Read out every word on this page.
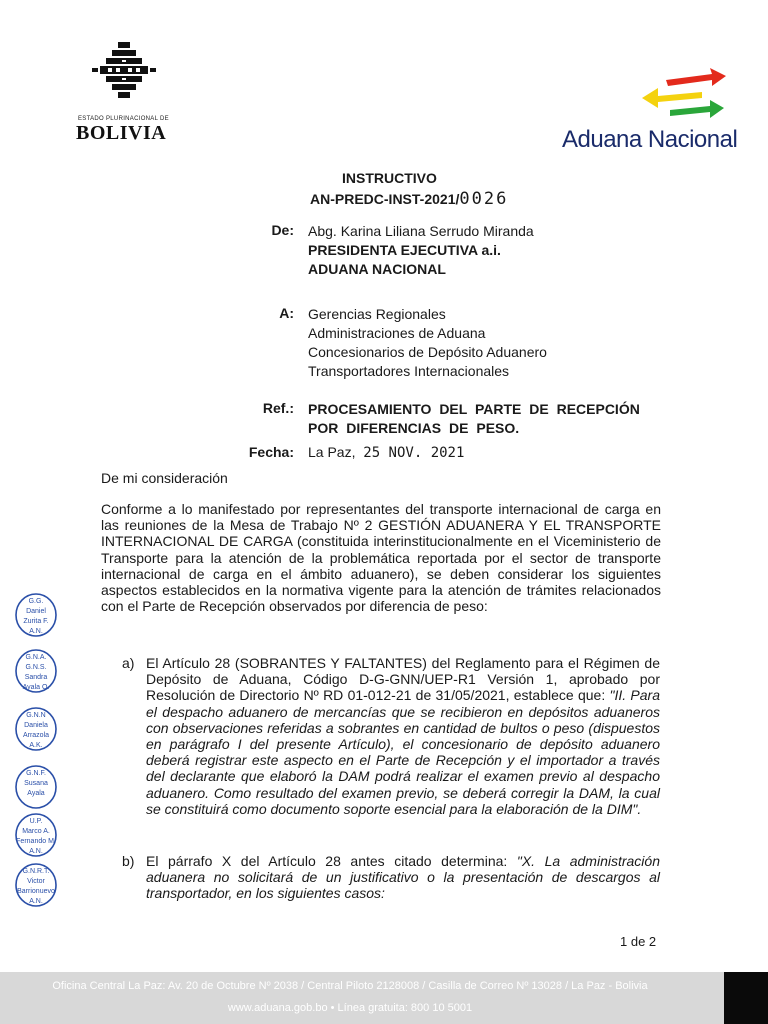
ESTADO PLURINACIONAL DE
BOLIVIA	Aduana Nacional
INSTRUCTIVO
AN-PREDC-INST-2021/0026
De: Abg. Karina Liliana Serrudo Miranda
PRESIDENTA EJECUTIVA a.i.
ADUANA NACIONAL
A: Gerencias Regionales
Administraciones de Aduana
Concesionarios de Depósito Aduanero
Transportadores Internacionales
Ref.: PROCESAMIENTO DEL PARTE DE RECEPCIÓN
POR DIFERENCIAS DE PESO.
Fecha: La Paz, 25 NOV. 2021
De mi consideración
Conforme a lo manifestado por representantes del transporte internacional de carga en las reuniones de la Mesa de Trabajo Nº 2 GESTIÓN ADUANERA Y EL TRANSPORTE INTERNACIONAL DE CARGA (constituida interinstitucionalmente en el Viceministerio de Transporte para la atención de la problemática reportada por el sector de transporte internacional de carga en el ámbito aduanero), se deben considerar los siguientes aspectos establecidos en la normativa vigente para la atención de trámites relacionados con el Parte de Recepción observados por diferencia de peso:
a) El Artículo 28 (SOBRANTES Y FALTANTES) del Reglamento para el Régimen de Depósito de Aduana, Código D-G-GNN/UEP-R1 Versión 1, aprobado por Resolución de Directorio Nº RD 01-012-21 de 31/05/2021, establece que: "II. Para el despacho aduanero de mercancías que se recibieron en depósitos aduaneros con observaciones referidas a sobrantes en cantidad de bultos o peso (dispuestos en parágrafo I del presente Artículo), el concesionario de depósito aduanero deberá registrar este aspecto en el Parte de Recepción y el importador a través del declarante que elaboró la DAM podrá realizar el examen previo al despacho aduanero. Como resultado del examen previo, se deberá corregir la DAM, la cual se constituirá como documento soporte esencial para la elaboración de la DIM".
b) El párrafo X del Artículo 28 antes citado determina: "X. La administración aduanera no solicitará de un justificativo o la presentación de descargos al transportador, en los siguientes casos:
G.G.
Daniel
Zurita F.
A.N.
G.N.A.
G.N.S.
Sandra
Ayala O.
G.N.N
Daniela
Arrazola
A.K.
G.N.F.
Susana
Ayala
U.P.
Marco A.
Fernando M.
A.N.
G.N.R.T.
Victor
Barrionuevo
A.N.
1 de 2
Oficina Central La Paz: Av. 20 de Octubre Nº 2038 / Central Piloto 2128008 / Casilla de Correo Nº 13028 / La Paz - Bolivia
www.aduana.gob.bo • Línea gratuita: 800 10 5001
